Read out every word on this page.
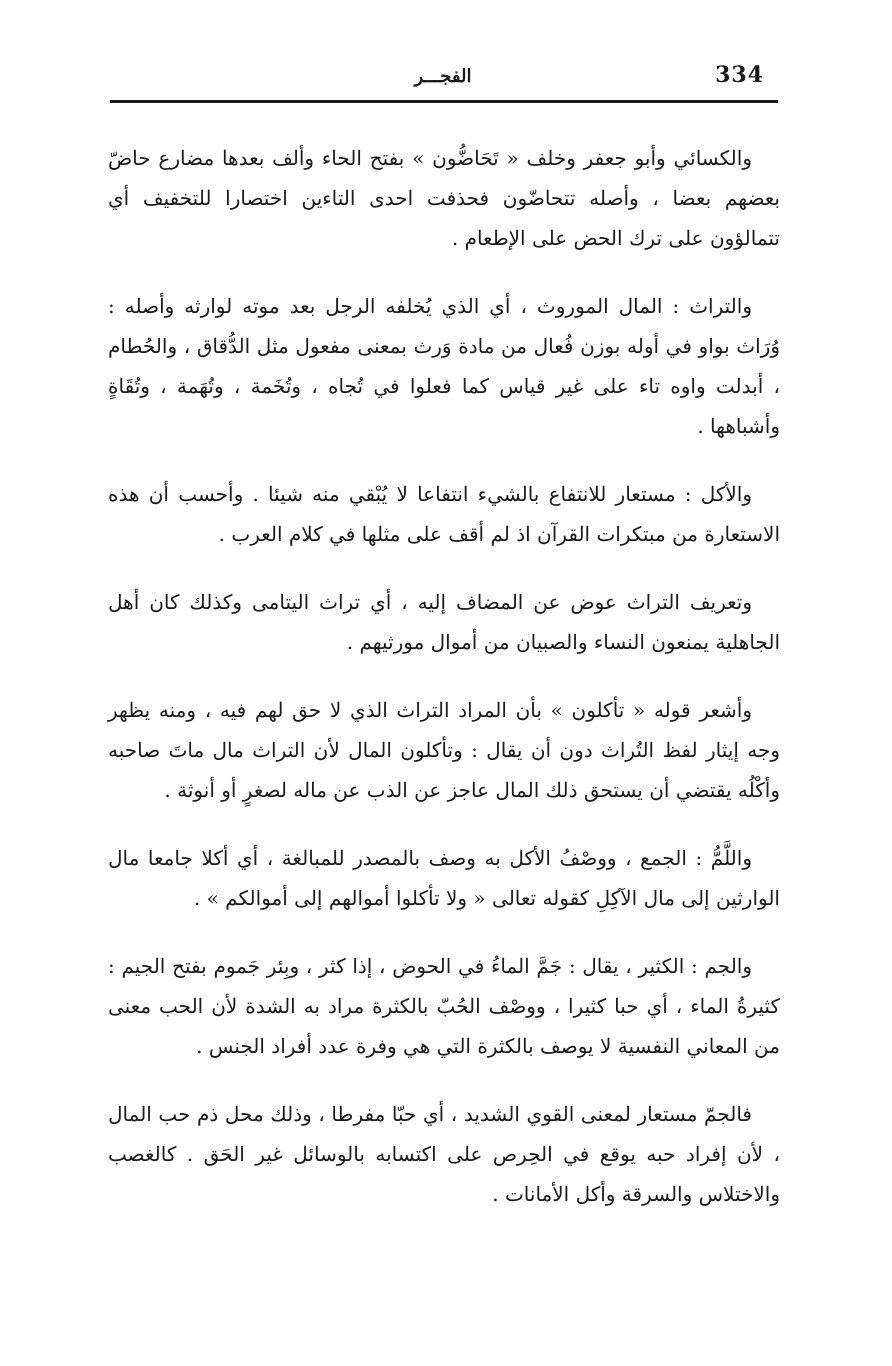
334
الفجـــر

والكسائي وأبو جعفر وخلف « تَحَاضُّون » بفتح الحاء وألف بعدها مضارع حاضّ بعضهم بعضا ، وأصله تتحاضّون فحذفت احدى التاءين اختصارا للتخفيف أي تتمالؤون على ترك الحض على الإطعام .

والتراث : المال الموروث ، أي الذي يُخلفه الرجل بعد موته لوارثه وأصله : وُرَاث بواو في أوله بوزن فُعال من مادة وَرث بمعنى مفعول مثل الدُّقاق ، والحُطام ، أبدلت واوه تاء على غير قياس كما فعلوا في تُجاه ، وتُخَمة ، وتُهَمة ، وتُقَاةٍ وأشباهها .

والأكل : مستعار للانتفاع بالشيء انتفاعا لا يُبْقي منه شيئا . وأحسب أن هذه الاستعارة من مبتكرات القرآن اذ لم أقف على مثلها في كلام العرب .

وتعريف التراث عوض عن المضاف إليه ، أي تراث اليتامى وكذلك كان أهل الجاهلية يمنعون النساء والصبيان من أموال مورثيهم .

وأشعر قوله « تأكلون » بأن المراد التراث الذي لا حق لهم فيه ، ومنه يظهر وجه إيثار لفظ التُراث دون أن يقال : وتأكلون المال لأن التراث مال ماتَ صاحبه وأكْلُه يقتضي أن يستحق ذلك المال عاجز عن الذب عن ماله لصغرٍ أو أنوثة .

واللَّمُّ : الجمع ، ووصْفُ الأكل به وصف بالمصدر للمبالغة ، أي أكلا جامعا مال الوارثين إلى مال الآكِلِ كقوله تعالى « ولا تأكلوا أموالهم إلى أموالكم » .

والجم : الكثير ، يقال : جَمَّ الماءُ في الحوض ، إذا كثر ، وبِئر جَموم بفتح الجيم : كثيرةُ الماء ، أي حبا كثيرا ، ووصْف الحُبّ بالكثرة مراد به الشدة لأن الحب معنى من المعاني النفسية لا يوصف بالكثرة التي هي وفرة عدد أفراد الجنس .

فالجمّ مستعار لمعنى القوي الشديد ، أي حبّا مفرطا ، وذلك محل ذم حب المال ، لأن إفراد حبه يوقع في الحِرص على اكتسابه بالوسائل غير الحَق . كالغصب والاختلاس والسرقة وأكل الأمانات .
